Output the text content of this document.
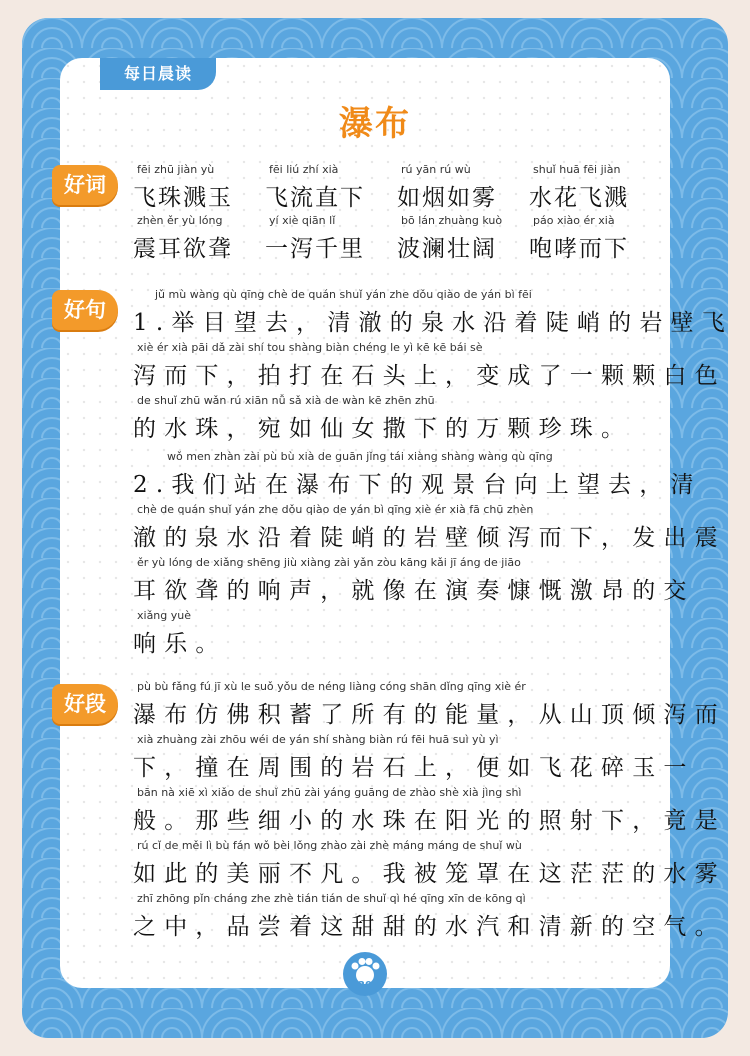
每日晨读
瀑布
好词
fēi zhū jiàn yù
飞珠溅玉
fēi liú zhí xià
飞流直下
rú yān rú wù
如烟如雾
shuǐ huā fēi jiàn
水花飞溅
zhèn ěr yù lóng
震耳欲聋
yí xiè qiān lǐ
一泻千里
bō lán zhuàng kuò
波澜壮阔
páo xiào ér xià
咆哮而下
好句
jǔ mù wàng qù qīng chè de quán shuǐ yán zhe dǒu qiào de yán bì fēi
1.举目望去，清澈的泉水沿着陡峭的岩壁飞
xiè ér xià pāi dǎ zài shí tou shàng biàn chéng le yì kē kē bái sè
泻而下，拍打在石头上，变成了一颗颗白色
de shuǐ zhū wǎn rú xiān nǚ sǎ xià de wàn kē zhēn zhū
的水珠，宛如仙女撒下的万颗珍珠。
wǒ men zhàn zài pù bù xià de guān jǐng tái xiàng shàng wàng qù qīng
2.我们站在瀑布下的观景台向上望去，清
chè de quán shuǐ yán zhe dǒu qiào de yán bì qīng xiè ér xià fā chū zhèn
澈的泉水沿着陡峭的岩壁倾泻而下，发出震
ěr yù lóng de xiǎng shēng jiù xiàng zài yǎn zòu kāng kǎi jī áng de jiāo
耳欲聋的响声，就像在演奏慷慨激昂的交
xiǎng yuè
响乐。
好段
pù bù fǎng fú jī xù le suǒ yǒu de néng liàng cóng shān dǐng qīng xiè ér
瀑布仿佛积蓄了所有的能量，从山顶倾泻而
xià zhuàng zài zhōu wéi de yán shí shàng biàn rú fēi huā suì yù yì
下，撞在周围的岩石上，便如飞花碎玉一
bān nà xiē xì xiǎo de shuǐ zhū zài yáng guāng de zhào shè xià jìng shì
般。那些细小的水珠在阳光的照射下，竟是
rú cǐ de měi lì bù fán wǒ bèi lǒng zhào zài zhè máng máng de shuǐ wù
如此的美丽不凡。我被笼罩在这茫茫的水雾
zhī zhōng pǐn cháng zhe zhè tián tián de shuǐ qì hé qīng xīn de kōng qì
之中，品尝着这甜甜的水汽和清新的空气。
20
